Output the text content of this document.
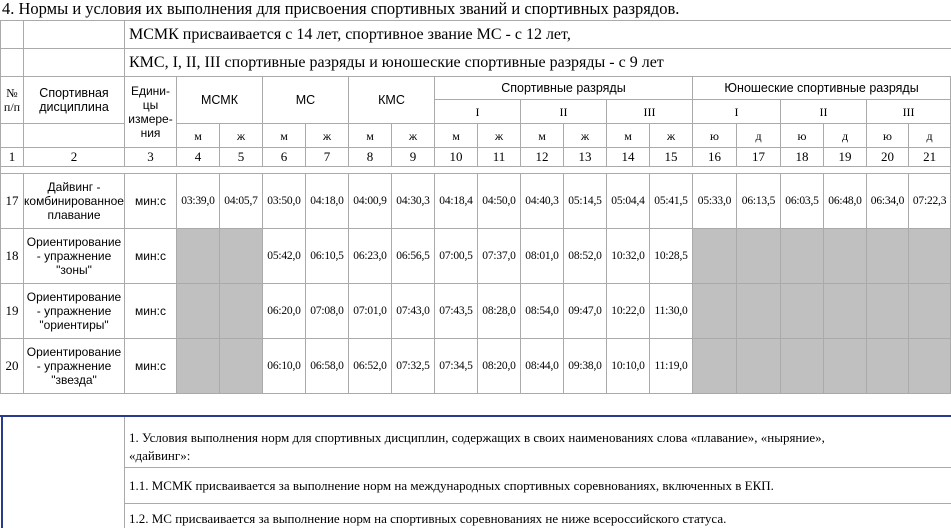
4. Нормы и условия их выполнения для присвоения спортивных званий и спортивных разрядов.
		МСМК присваивается с 14 лет, спортивное звание МС - с 12 лет,																		
		КМС, I, II, III спортивные разряды и юношеские спортивные разряды - с 9 лет																		
№ п/п	Спортивная дисциплина	Едини-цы измере-ния	МСМК		МС		КМС		Спортивные разряды						Юношеские спортивные разряды					
									I		II		III		I		II		III	
			м	ж	м	ж	м	ж	м	ж	м	ж	м	ж	ю	д	ю	д	ю	д
1	2	3	4	5	6	7	8	9	10	11	12	13	14	15	16	17	18	19	20	21

17	Дайвинг - комбинированное плавание	мин:с	03:39,0	04:05,7	03:50,0	04:18,0	04:00,9	04:30,3	04:18,4	04:50,0	04:40,3	05:14,5	05:04,4	05:41,5	05:33,0	06:13,5	06:03,5	06:48,0	06:34,0	07:22,3
18	Ориентирование - упражнение "зоны"	мин:с			05:42,0	06:10,5	06:23,0	06:56,5	07:00,5	07:37,0	08:01,0	08:52,0	10:32,0	10:28,5						
19	Ориентирование - упражнение "ориентиры"	мин:с			06:20,0	07:08,0	07:01,0	07:43,0	07:43,5	08:28,0	08:54,0	09:47,0	10:22,0	11:30,0						
20	Ориентирование - упражнение "звезда"	мин:с			06:10,0	06:58,0	06:52,0	07:32,5	07:34,5	08:20,0	08:44,0	09:38,0	10:10,0	11:19,0						
1. Условия выполнения норм для спортивных дисциплин, содержащих в своих наименованиях слова «плавание», «ныряние»,
«дайвинг»:
1.1. МСМК присваивается за выполнение норм на международных спортивных соревнованиях, включенных в ЕКП.
1.2. МС присваивается за выполнение норм на спортивных соревнованиях не ниже всероссийского статуса.
